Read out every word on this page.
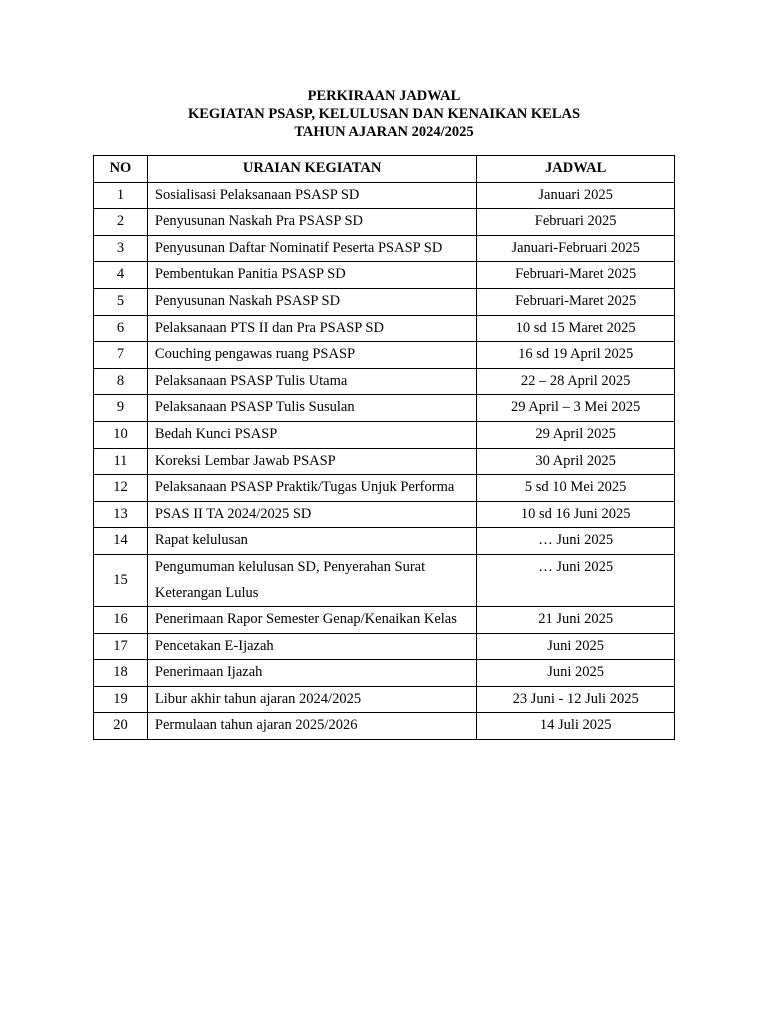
PERKIRAAN JADWAL
KEGIATAN PSASP, KELULUSAN DAN KENAIKAN KELAS
TAHUN AJARAN 2024/2025
NO	URAIAN KEGIATAN	JADWAL
1	Sosialisasi Pelaksanaan PSASP SD	Januari 2025
2	Penyusunan Naskah Pra PSASP SD	Februari 2025
3	Penyusunan Daftar Nominatif Peserta PSASP SD	Januari-Februari 2025
4	Pembentukan Panitia PSASP SD	Februari-Maret 2025
5	Penyusunan Naskah PSASP SD	Februari-Maret 2025
6	Pelaksanaan PTS II dan Pra PSASP SD	10 sd 15 Maret 2025
7	Couching pengawas ruang PSASP	16 sd 19 April 2025
8	Pelaksanaan PSASP Tulis Utama	22 – 28 April 2025
9	Pelaksanaan PSASP Tulis Susulan	29 April – 3 Mei 2025
10	Bedah Kunci PSASP	29 April 2025
11	Koreksi Lembar Jawab PSASP	30 April 2025
12	Pelaksanaan PSASP Praktik/Tugas Unjuk Performa	5 sd 10 Mei 2025
13	PSAS II TA 2024/2025 SD	10 sd 16 Juni 2025
14	Rapat kelulusan	… Juni 2025
15	Pengumuman kelulusan SD, Penyerahan Surat Keterangan Lulus	… Juni 2025
16	Penerimaan Rapor Semester Genap/Kenaikan Kelas	21 Juni 2025
17	Pencetakan E-Ijazah	Juni 2025
18	Penerimaan Ijazah	Juni 2025
19	Libur akhir tahun ajaran 2024/2025	23 Juni - 12 Juli 2025
20	Permulaan tahun ajaran 2025/2026	14 Juli 2025
